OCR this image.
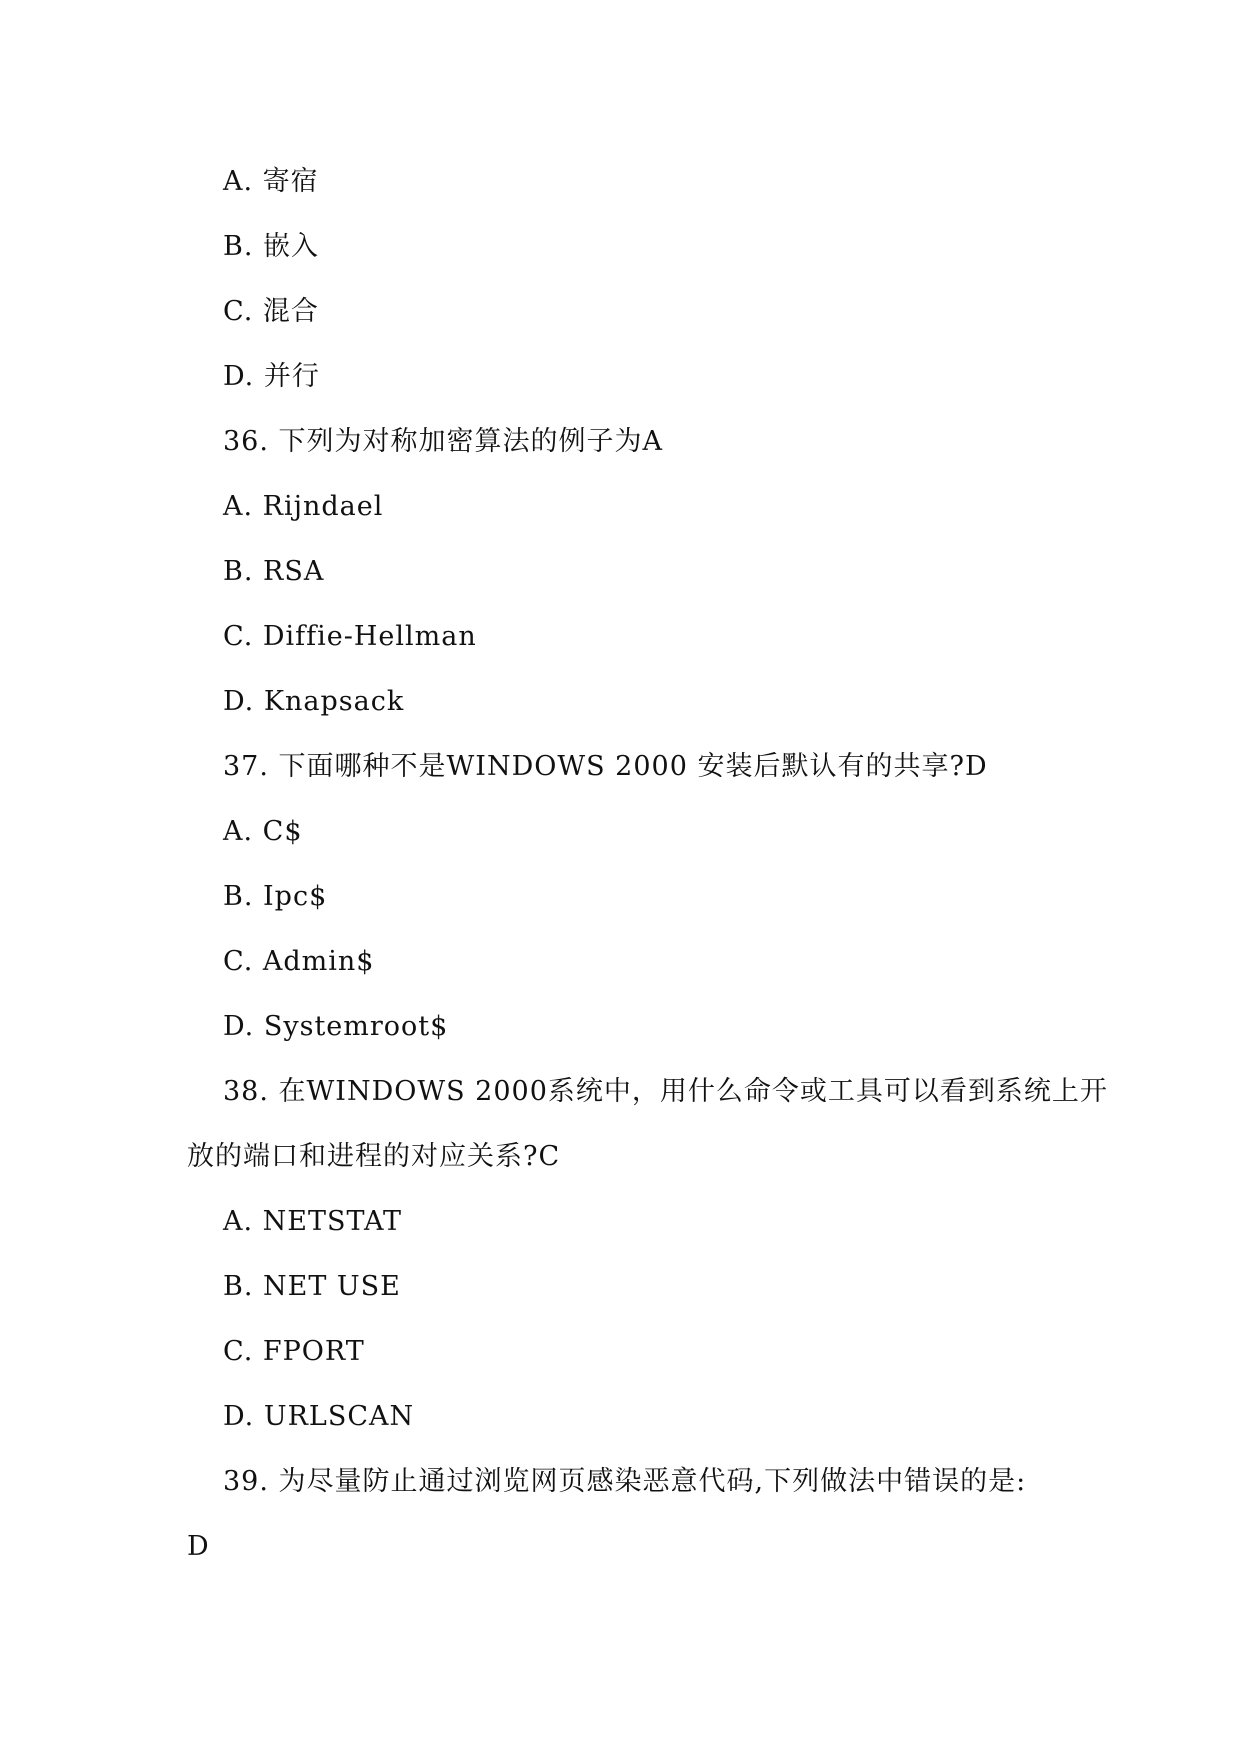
A. 寄宿
B. 嵌入
C. 混合
D. 并行
36. 下列为对称加密算法的例子为A
A. Rijndael
B. RSA
C. Diffie-Hellman
D. Knapsack
37. 下面哪种不是WINDOWS 2000 安装后默认有的共享?D
A. C$
B. Ipc$
C. Admin$
D. Systemroot$
38. 在WINDOWS 2000系统中，用什么命令或工具可以看到系统上开
放的端口和进程的对应关系?C
A. NETSTAT
B. NET USE
C. FPORT
D. URLSCAN
39. 为尽量防止通过浏览网页感染恶意代码,下列做法中错误的是:
D
